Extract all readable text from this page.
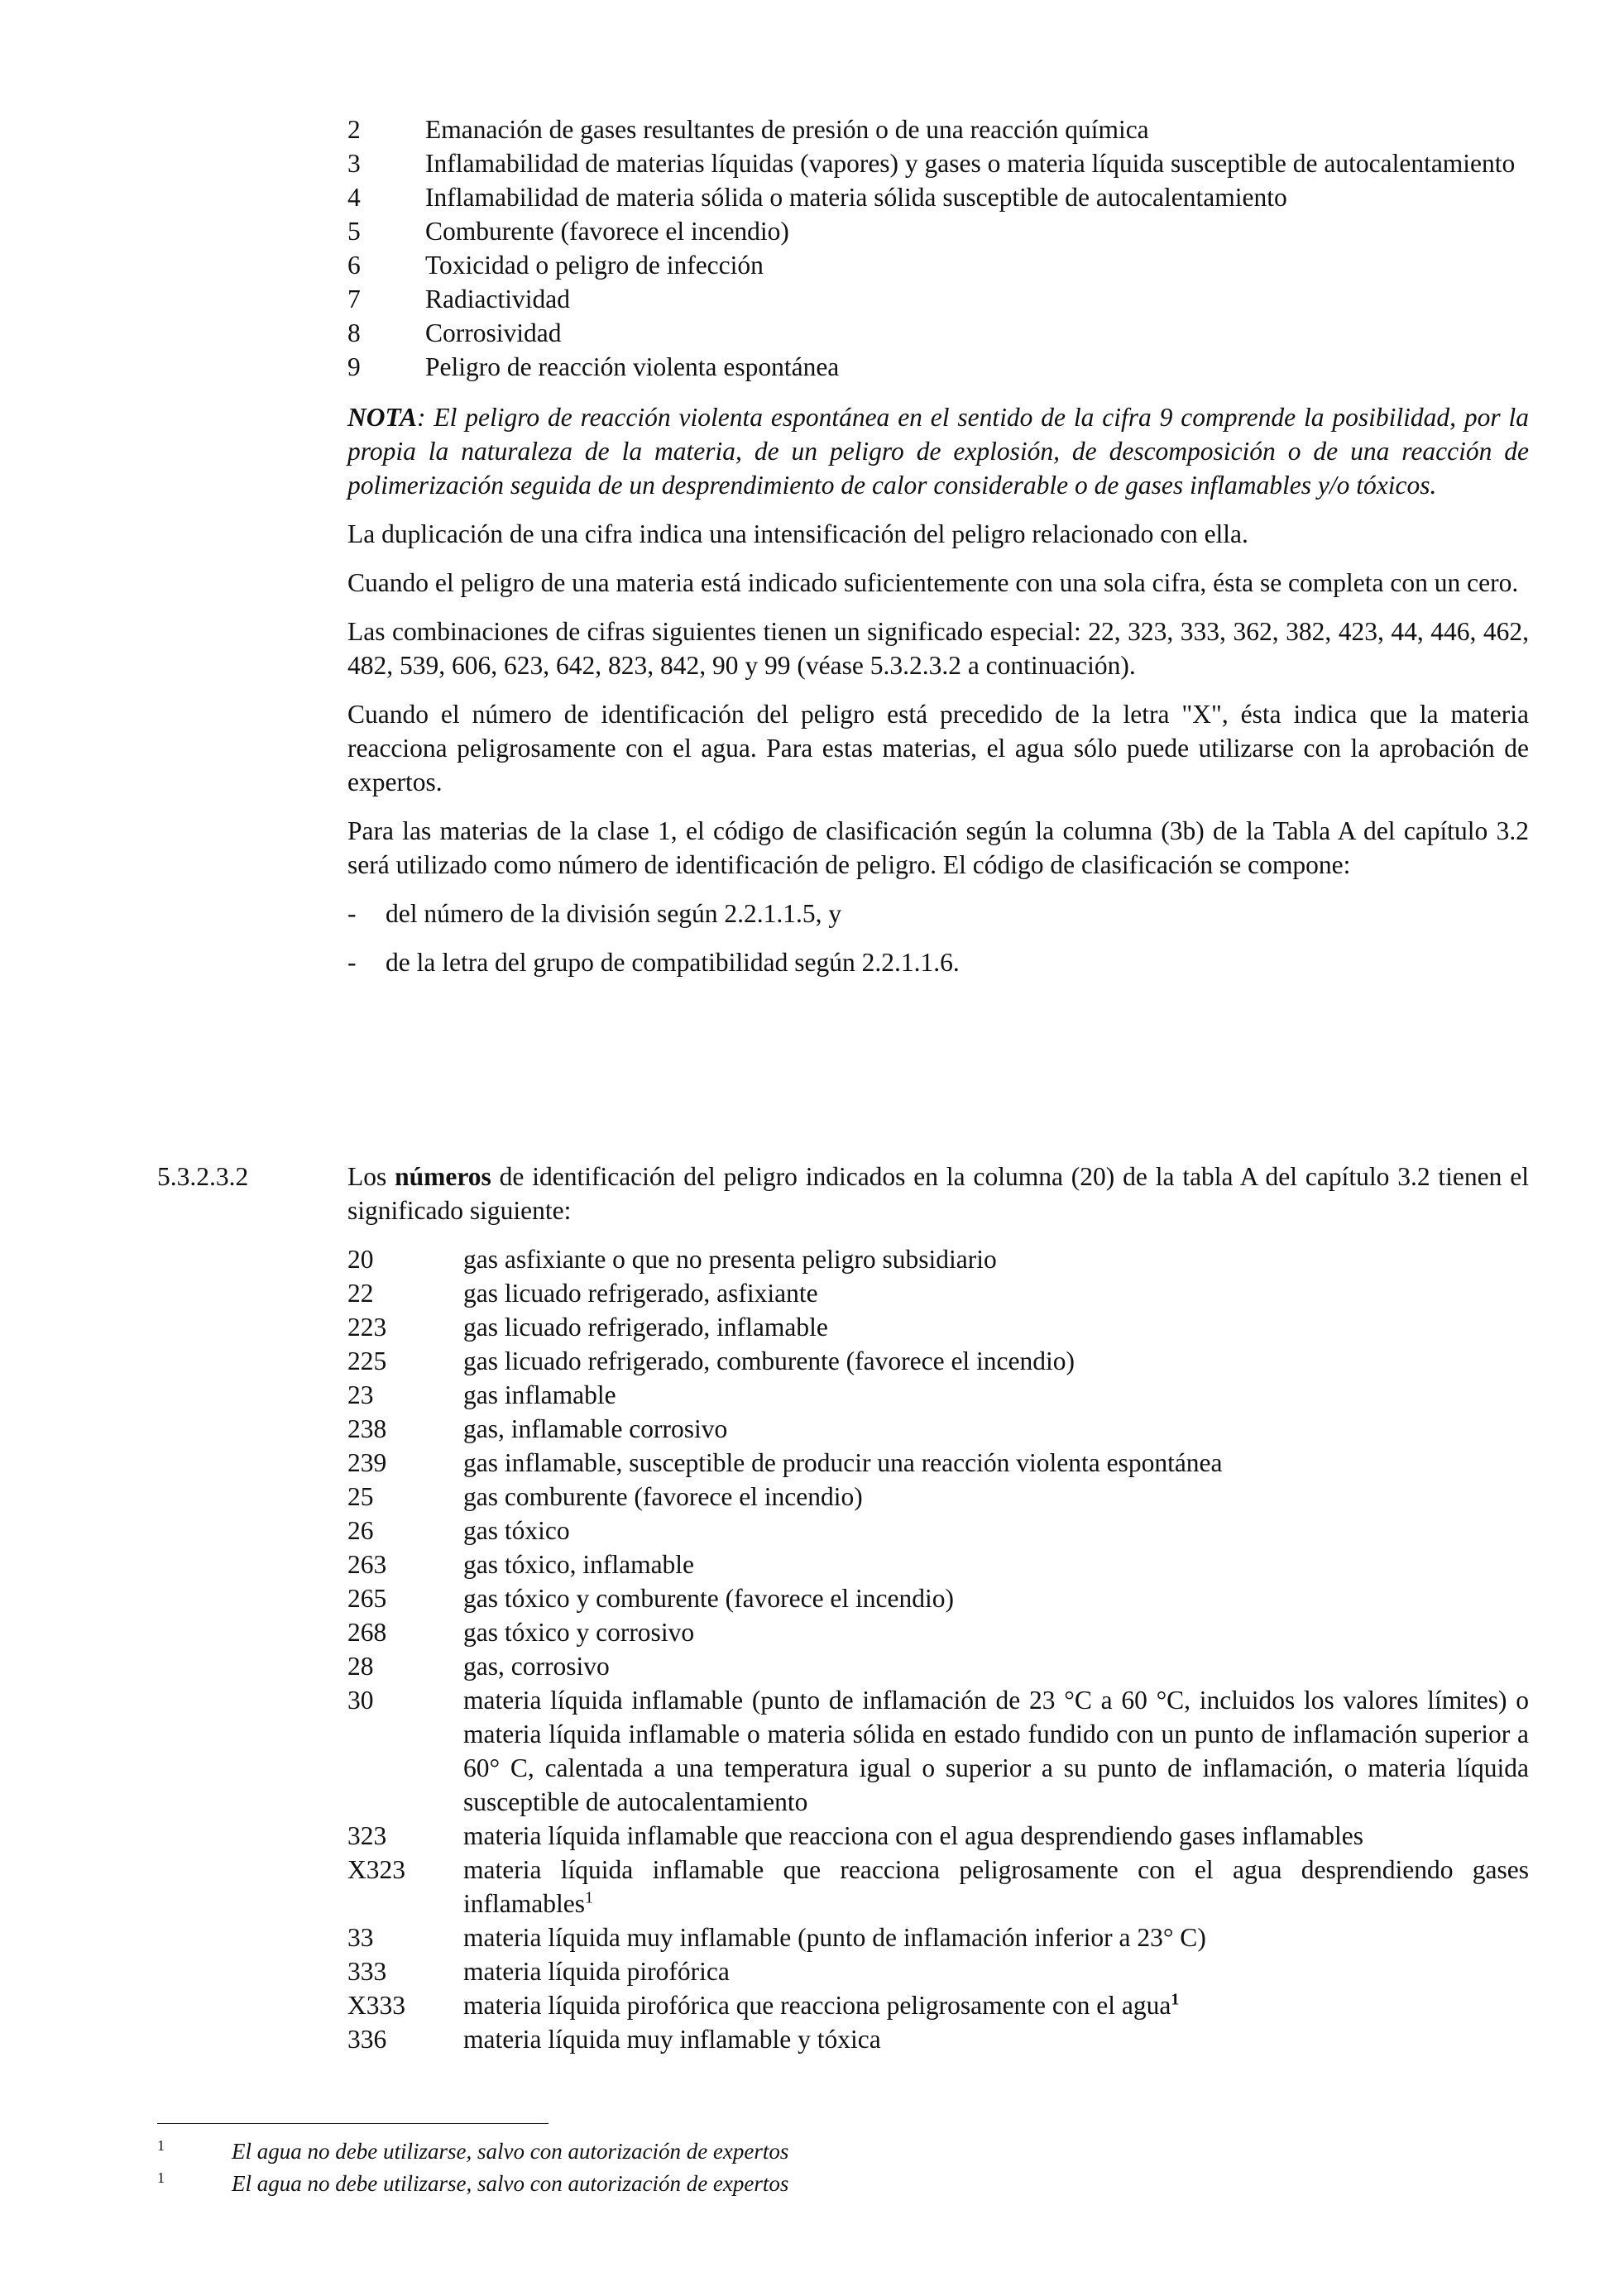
2	Emanación de gases resultantes de presión o de una reacción química
3	Inflamabilidad de materias líquidas (vapores) y gases o materia líquida susceptible de autocalentamiento
4	Inflamabilidad de materia sólida o materia sólida susceptible de autocalentamiento
5	Comburente (favorece el incendio)
6	Toxicidad o peligro de infección
7	Radiactividad
8	Corrosividad
9	Peligro de reacción violenta espontánea

NOTA: El peligro de reacción violenta espontánea en el sentido de la cifra 9 comprende la posibilidad, por la propia la naturaleza de la materia, de un peligro de explosión, de descomposición o de una reacción de polimerización seguida de un desprendimiento de calor considerable o de gases inflamables y/o tóxicos.

La duplicación de una cifra indica una intensificación del peligro relacionado con ella.

Cuando el peligro de una materia está indicado suficientemente con una sola cifra, ésta se completa con un cero.

Las combinaciones de cifras siguientes tienen un significado especial: 22, 323, 333, 362, 382, 423, 44, 446, 462, 482, 539, 606, 623, 642, 823, 842, 90 y 99 (véase 5.3.2.3.2 a continuación).

Cuando el número de identificación del peligro está precedido de la letra "X", ésta indica que la materia reacciona peligrosamente con el agua. Para estas materias, el agua sólo puede utilizarse con la aprobación de expertos.

Para las materias de la clase 1, el código de clasificación según la columna (3b) de la Tabla A del capítulo 3.2 será utilizado como número de identificación de peligro. El código de clasificación se compone:

-	del número de la división según 2.2.1.1.5, y
-	de la letra del grupo de compatibilidad según 2.2.1.1.6.
5.3.2.3.2	Los números de identificación del peligro indicados en la columna (20) de la tabla A del capítulo 3.2 tienen el significado siguiente:
20	gas asfixiante o que no presenta peligro subsidiario
22	gas licuado refrigerado, asfixiante
223	gas licuado refrigerado, inflamable
225	gas licuado refrigerado, comburente (favorece el incendio)
23	gas inflamable
238	gas, inflamable corrosivo
239	gas inflamable, susceptible de producir una reacción violenta espontánea
25	gas comburente (favorece el incendio)
26	gas tóxico
263	gas tóxico, inflamable
265	gas tóxico y comburente (favorece el incendio)
268	gas tóxico y corrosivo
28	gas, corrosivo
30	materia líquida inflamable (punto de inflamación de 23 °C a 60 °C, incluidos los valores límites) o materia líquida inflamable o materia sólida en estado fundido con un punto de inflamación superior a 60° C, calentada a una temperatura igual o superior a su punto de inflamación, o materia líquida susceptible de autocalentamiento
323	materia líquida inflamable que reacciona con el agua desprendiendo gases inflamables
X323	materia líquida inflamable que reacciona peligrosamente con el agua desprendiendo gases inflamables$^1$
33	materia líquida muy inflamable (punto de inflamación inferior a 23° C)
333	materia líquida pirofórica
X333	materia líquida pirofórica que reacciona peligrosamente con el agua$^1$
336	materia líquida muy inflamable y tóxica
1	El agua no debe utilizarse, salvo con autorización de expertos
1	El agua no debe utilizarse, salvo con autorización de expertos
